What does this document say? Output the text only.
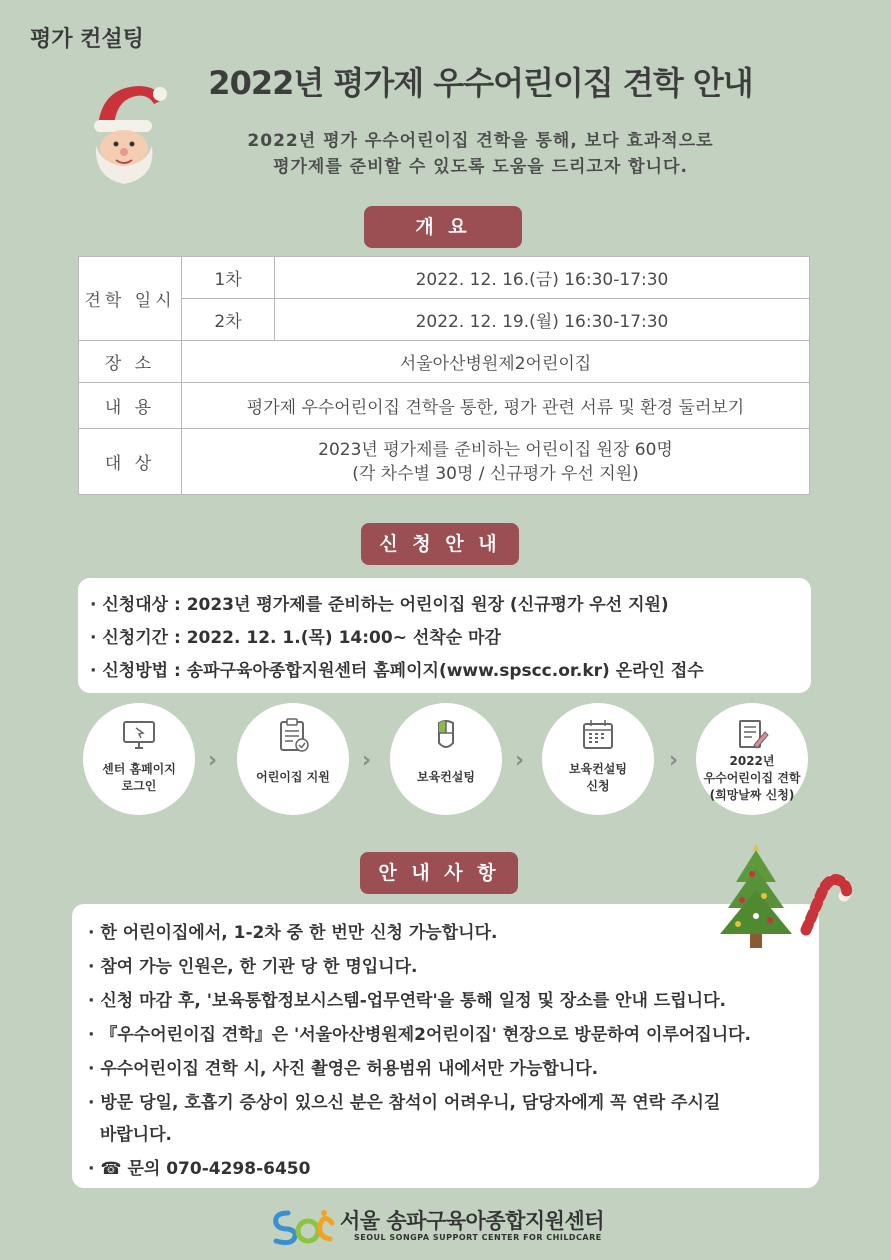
평가 컨설팅
2022년 평가제 우수어린이집 견학 안내
2022년 평가 우수어린이집 견학을 통해, 보다 효과적으로
평가제를 준비할 수 있도록 도움을 드리고자 합니다.
개 요
견학 일시	1차	2022. 12. 16.(금) 16:30-17:30
	2차	2022. 12. 19.(월) 16:30-17:30
장 소	서울아산병원제2어린이집	
내 용	평가제 우수어린이집 견학을 통한, 평가 관련 서류 및 환경 둘러보기	
대 상	2023년 평가제를 준비하는 어린이집 원장 60명
(각 차수별 30명 / 신규평가 우선 지원)	
신 청 안 내
· 신청대상 : 2023년 평가제를 준비하는 어린이집 원장 (신규평가 우선 지원)
· 신청기간 : 2022. 12. 1.(목) 14:00~ 선착순 마감
· 신청방법 : 송파구육아종합지원센터 홈페이지(www.spscc.or.kr) 온라인 접수
센터 홈페이지
로그인
›
어린이집 지원
›
보육컨설팅
›	보육컨설팅
신청
›	2022년
우수어린이집 견학
(희망날짜 신청)
안 내 사 항
· 한 어린이집에서, 1-2차 중 한 번만 신청 가능합니다.
· 참여 가능 인원은, 한 기관 당 한 명입니다.
· 신청 마감 후, '보육통합정보시스템-업무연락'을 통해 일정 및 장소를 안내 드립니다.
· 『우수어린이집 견학』은 '서울아산병원제2어린이집' 현장으로 방문하여 이루어집니다.
· 우수어린이집 견학 시, 사진 촬영은 허용범위 내에서만 가능합니다.
· 방문 당일, 호흡기 증상이 있으신 분은 참석이 어려우니, 담당자에게 꼭 연락 주시길
바랍니다.
· ☎ 문의 070-4298-6450
서울 송파구육아종합지원센터
SEOUL SONGPA SUPPORT CENTER FOR CHILDCARE
